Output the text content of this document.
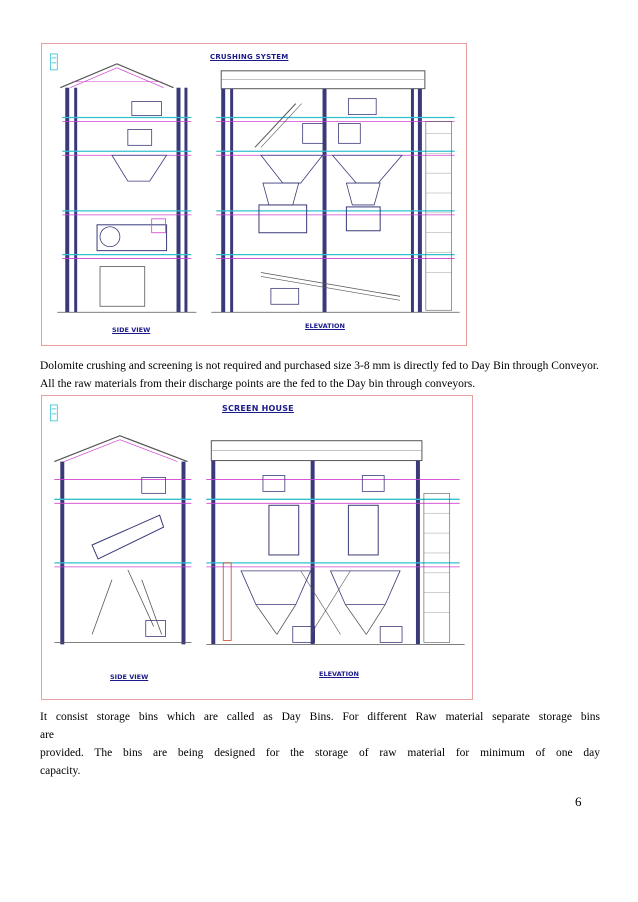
CRUSHING SYSTEM
SIDE VIEW	ELEVATION

Dolomite crushing and screening is not required and purchased size 3-8 mm is directly fed to Day Bin through Conveyor.
All the raw materials from their discharge points are the fed to the Day bin through conveyors.

SCREEN HOUSE
SIDE VIEW	ELEVATION

It consist storage bins which are called as Day Bins. For different Raw material separate storage bins are
provided. The bins are being designed for the storage of raw material for minimum of one day capacity.

6
